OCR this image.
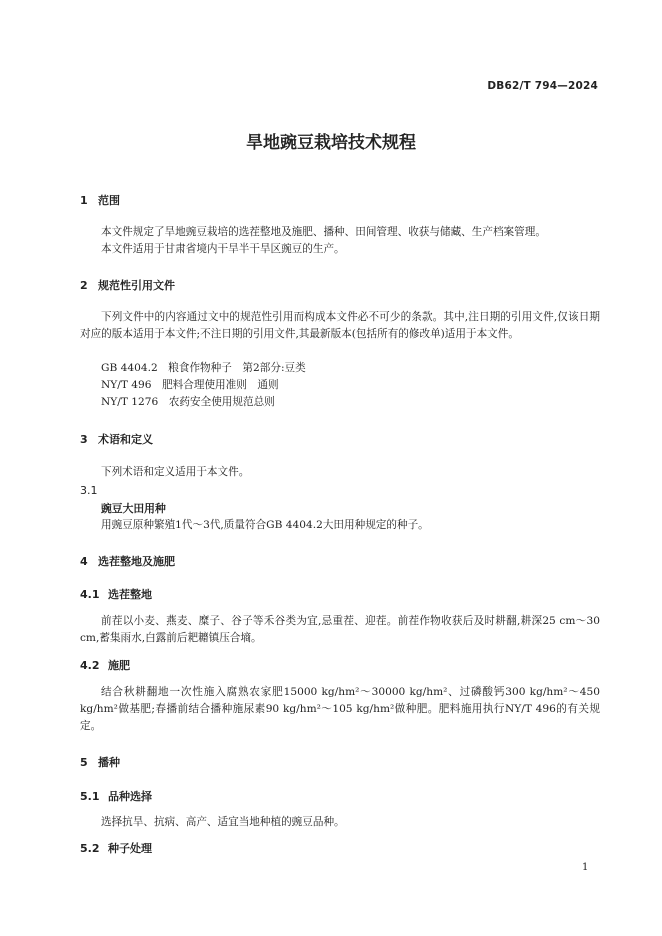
DB62/T 794—2024
旱地豌豆栽培技术规程
1 范围
本文件规定了旱地豌豆栽培的选茬整地及施肥、播种、田间管理、收获与储藏、生产档案管理。
本文件适用于甘肃省境内干旱半干旱区豌豆的生产。
2 规范性引用文件
下列文件中的内容通过文中的规范性引用而构成本文件必不可少的条款。其中,注日期的引用文件,仅该日期对应的版本适用于本文件;不注日期的引用文件,其最新版本(包括所有的修改单)适用于本文件。
GB 4404.2　粮食作物种子　第2部分:豆类
NY/T 496　肥料合理使用准则　通则
NY/T 1276　农药安全使用规范总则
3 术语和定义
下列术语和定义适用于本文件。
3.1
豌豆大田用种
用豌豆原种繁殖1代～3代,质量符合GB 4404.2大田用种规定的种子。
4 选茬整地及施肥
4.1 选茬整地
前茬以小麦、燕麦、糜子、谷子等禾谷类为宜,忌重茬、迎茬。前茬作物收获后及时耕翻,耕深25 cm～30 cm,蓄集雨水,白露前后耙耱镇压合墒。
4.2 施肥
结合秋耕翻地一次性施入腐熟农家肥15000 kg/hm²～30000 kg/hm²、过磷酸钙300 kg/hm²～450 kg/hm²做基肥;春播前结合播种施尿素90 kg/hm²～105 kg/hm²做种肥。肥料施用执行NY/T 496的有关规定。
5 播种
5.1 品种选择
选择抗旱、抗病、高产、适宜当地种植的豌豆品种。
5.2 种子处理
1
